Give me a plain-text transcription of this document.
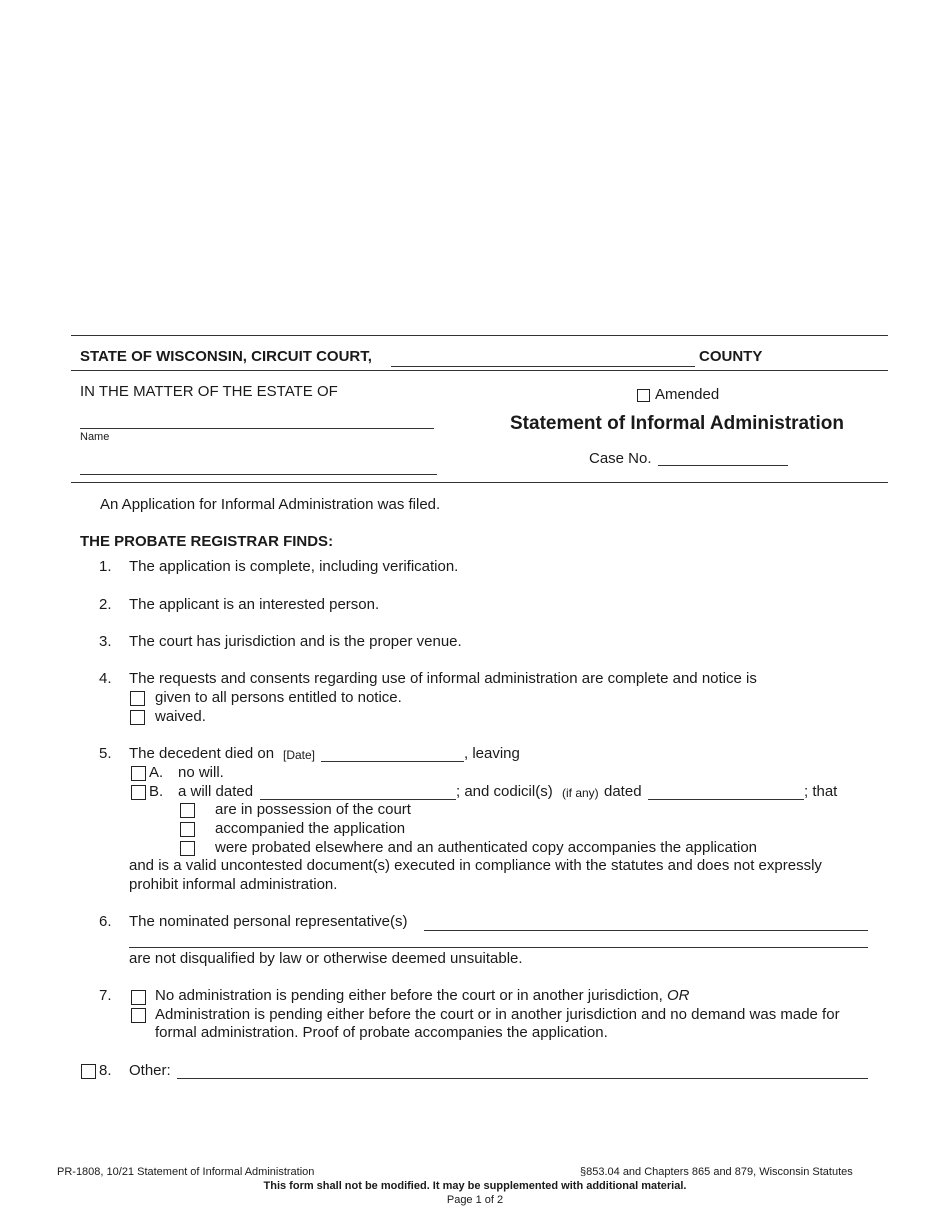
STATE OF WISCONSIN, CIRCUIT COURT,	COUNTY
IN THE MATTER OF THE ESTATE OF
Name
Amended
Statement of Informal Administration
Case No.
An Application for Informal Administration was filed.
THE PROBATE REGISTRAR FINDS:
1. The application is complete, including verification.
2. The applicant is an interested person.
3. The court has jurisdiction and is the proper venue.
4. The requests and consents regarding use of informal administration are complete and notice is
given to all persons entitled to notice.
waived.
5. The decedent died on [Date]	, leaving
A. no will.
B. a will dated	; and codicil(s) (if any) dated	; that
are in possession of the court
accompanied the application
were probated elsewhere and an authenticated copy accompanies the application
and is a valid uncontested document(s) executed in compliance with the statutes and does not expressly
prohibit informal administration.
6. The nominated personal representative(s)
are not disqualified by law or otherwise deemed unsuitable.
7.	No administration is pending either before the court or in another jurisdiction, OR
Administration is pending either before the court or in another jurisdiction and no demand was made for
formal administration. Proof of probate accompanies the application.
8. Other:
PR-1808, 10/21 Statement of Informal Administration	§853.04 and Chapters 865 and 879, Wisconsin Statutes
This form shall not be modified. It may be supplemented with additional material.
Page 1 of 2
